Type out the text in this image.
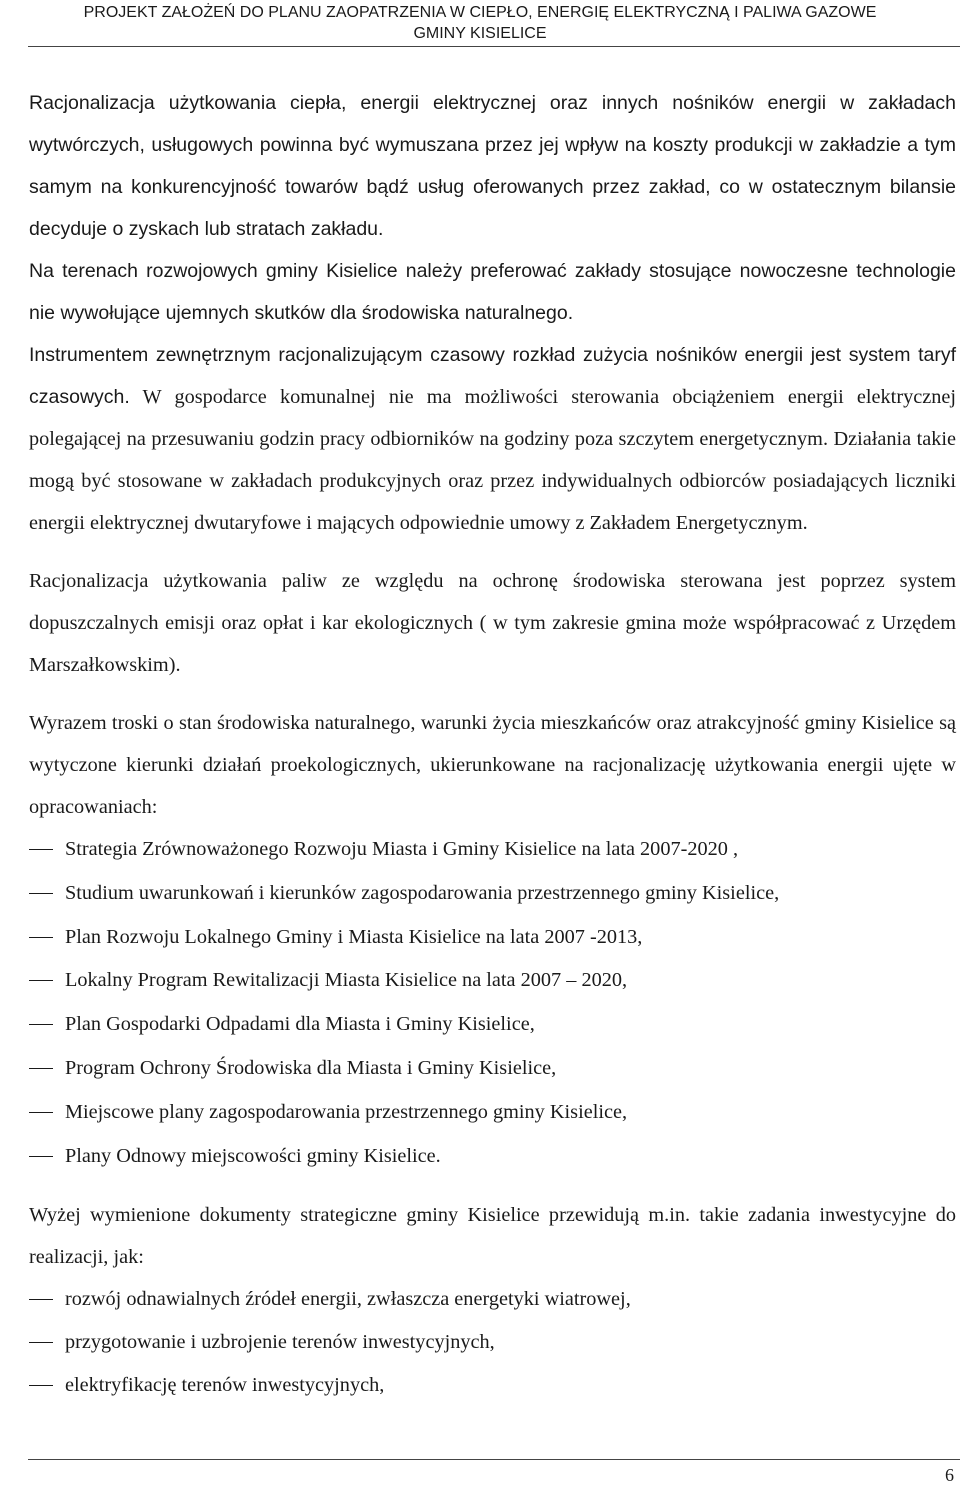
PROJEKT ZAŁOŻEŃ DO PLANU ZAOPATRZENIA W CIEPŁO, ENERGIĘ ELEKTRYCZNĄ I PALIWA GAZOWE
GMINY KISIELICE

Racjonalizacja użytkowania ciepła, energii elektrycznej oraz innych nośników energii w zakładach wytwórczych, usługowych powinna być wymuszana przez jej wpływ na koszty produkcji w zakładzie a tym samym na konkurencyjność towarów bądź usług oferowanych przez zakład, co w ostatecznym bilansie decyduje o zyskach lub stratach zakładu.

Na terenach rozwojowych gminy Kisielice należy preferować zakłady stosujące nowoczesne technologie nie wywołujące ujemnych skutków dla środowiska naturalnego.

Instrumentem zewnętrznym racjonalizującym czasowy rozkład zużycia nośników energii jest system taryf czasowych. W gospodarce komunalnej nie ma możliwości sterowania obciążeniem energii elektrycznej polegającej na przesuwaniu godzin pracy odbiorników na godziny poza szczytem energetycznym. Działania takie mogą być stosowane w zakładach produkcyjnych oraz przez indywidualnych odbiorców posiadających liczniki energii elektrycznej dwutaryfowe i mających odpowiednie umowy z Zakładem Energetycznym.

Racjonalizacja użytkowania paliw ze względu na ochronę środowiska sterowana jest poprzez system dopuszczalnych emisji oraz opłat i kar ekologicznych ( w tym zakresie gmina może współpracować z Urzędem Marszałkowskim).

Wyrazem troski o stan środowiska naturalnego, warunki życia mieszkańców oraz atrakcyjność gminy Kisielice są wytyczone kierunki działań proekologicznych, ukierunkowane na racjonalizację użytkowania energii ujęte w opracowaniach:

Strategia Zrównoważonego Rozwoju Miasta i Gminy Kisielice na lata 2007-2020 ,
Studium uwarunkowań i kierunków zagospodarowania przestrzennego gminy Kisielice,
Plan Rozwoju Lokalnego Gminy i Miasta Kisielice na lata 2007 -2013,
Lokalny Program Rewitalizacji Miasta Kisielice na lata 2007 – 2020,
Plan Gospodarki Odpadami dla Miasta i Gminy Kisielice,
Program Ochrony Środowiska dla Miasta i Gminy Kisielice,
Miejscowe plany zagospodarowania przestrzennego gminy Kisielice,
Plany Odnowy miejscowości gminy Kisielice.

Wyżej wymienione dokumenty strategiczne gminy Kisielice przewidują m.in. takie zadania inwestycyjne do realizacji, jak:

rozwój odnawialnych źródeł energii, zwłaszcza energetyki wiatrowej,
przygotowanie i uzbrojenie terenów inwestycyjnych,
elektryfikację terenów inwestycyjnych,
6
